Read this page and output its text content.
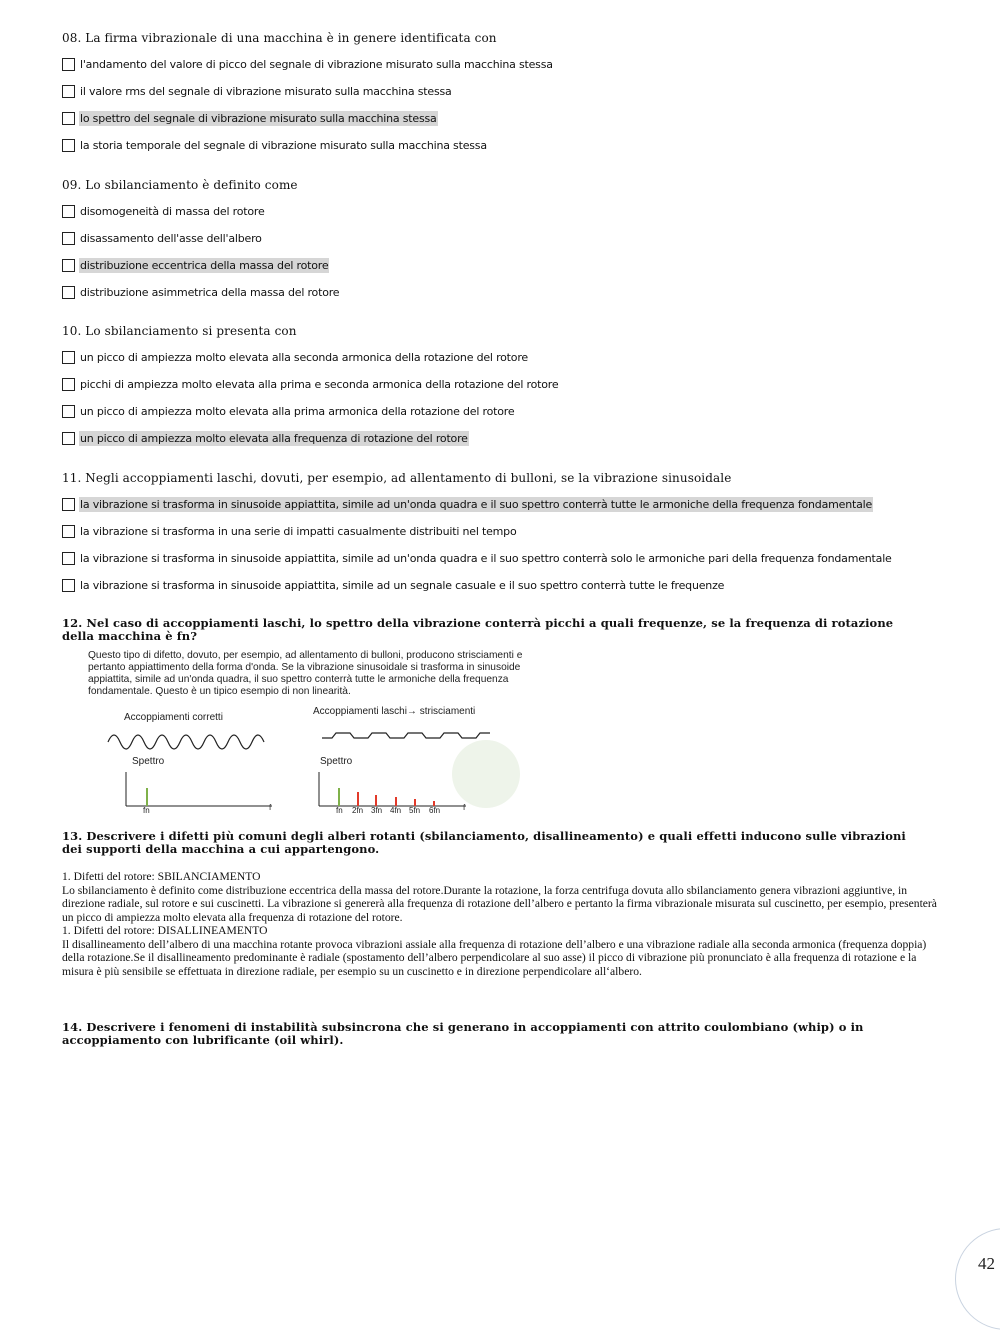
08. La firma vibrazionale di una macchina è in genere identificata con
l'andamento del valore di picco del segnale di vibrazione misurato sulla macchina stessa
il valore rms del segnale di vibrazione misurato sulla macchina stessa
lo spettro del segnale di vibrazione misurato sulla macchina stessa
la storia temporale del segnale di vibrazione misurato sulla macchina stessa
09. Lo sbilanciamento è definito come
disomogeneità di massa del rotore
disassamento dell'asse dell'albero
distribuzione eccentrica della massa del rotore
distribuzione asimmetrica della massa del rotore
10. Lo sbilanciamento si presenta con
un picco di ampiezza molto elevata alla seconda armonica della rotazione del rotore
picchi di ampiezza molto elevata alla prima e seconda armonica della rotazione del rotore
un picco di ampiezza molto elevata alla prima armonica della rotazione del rotore
un picco di ampiezza molto elevata alla frequenza di rotazione del rotore
11. Negli accoppiamenti laschi, dovuti, per esempio, ad allentamento di bulloni, se la vibrazione sinusoidale
la vibrazione si trasforma in sinusoide appiattita, simile ad un'onda quadra e il suo spettro conterrà tutte le armoniche della frequenza fondamentale
la vibrazione si trasforma in una serie di impatti casualmente distribuiti nel tempo
la vibrazione si trasforma in sinusoide appiattita, simile ad un'onda quadra e il suo spettro conterrà solo le armoniche pari della frequenza fondamentale
la vibrazione si trasforma in sinusoide appiattita, simile ad un segnale casuale e il suo spettro conterrà tutte le frequenze
12. Nel caso di accoppiamenti laschi, lo spettro della vibrazione conterrà picchi a quali frequenze, se la frequenza di rotazione della macchina è fn?
Questo tipo di difetto, dovuto, per esempio, ad allentamento di bulloni, producono strisciamenti e pertanto appiattimento della forma d'onda. Se la vibrazione sinusoidale si trasforma in sinusoide appiattita, simile ad un'onda quadra, il suo spettro conterrà tutte le armoniche della frequenza fondamentale. Questo è un tipico esempio di non linearità.
Accoppiamenti corretti
Accoppiamenti laschi→ strisciamenti
Spettro	Spettro
fn	f	fn 2fn 3fn 4fn 5fn 6fn	f
13. Descrivere i difetti più comuni degli alberi rotanti (sbilanciamento, disallineamento) e quali effetti inducono sulle vibrazioni dei supporti della macchina a cui appartengono.
1. Difetti del rotore: SBILANCIAMENTO
Lo sbilanciamento è definito come distribuzione eccentrica della massa del rotore.Durante la rotazione, la forza centrifuga dovuta allo sbilanciamento genera vibrazioni aggiuntive, in direzione radiale, sul rotore e sui cuscinetti. La vibrazione si genererà alla frequenza di rotazione dell’albero e pertanto la firma vibrazionale misurata sul cuscinetto, per esempio, presenterà un picco di ampiezza molto elevata alla frequenza di rotazione del rotore.
1. Difetti del rotore: DISALLINEAMENTO
Il disallineamento dell’albero di una macchina rotante provoca vibrazioni assiale alla frequenza di rotazione dell’albero e una vibrazione radiale alla seconda armonica (frequenza doppia) della rotazione.Se il disallineamento predominante è radiale (spostamento dell’albero perpendicolare al suo asse) il picco di vibrazione più pronunciato è alla frequenza di rotazione e la misura è più sensibile se effettuata in direzione radiale, per esempio su un cuscinetto e in direzione perpendicolare all‘albero.
14. Descrivere i fenomeni di instabilità subsincrona che si generano in accoppiamenti con attrito coulombiano (whip) o in accoppiamento con lubrificante (oil whirl).
42
